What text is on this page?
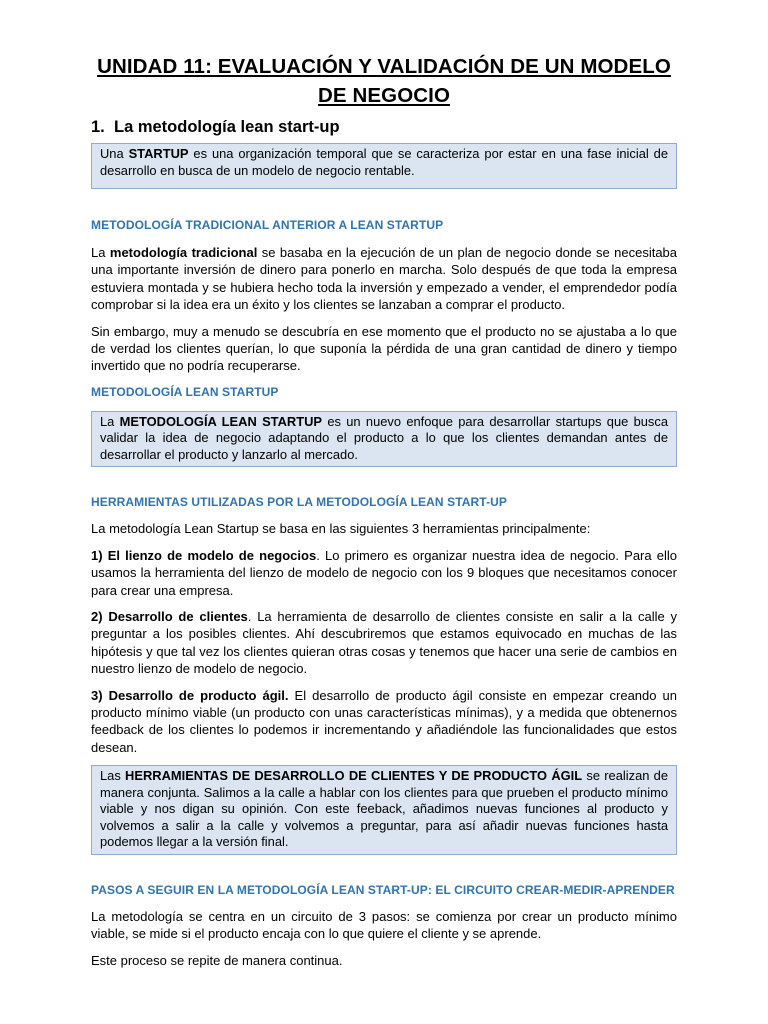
UNIDAD 11: EVALUACIÓN Y VALIDACIÓN DE UN MODELO DE NEGOCIO
1. La metodología lean start-up
Una STARTUP es una organización temporal que se caracteriza por estar en una fase inicial de desarrollo en busca de un modelo de negocio rentable.
METODOLOGÍA TRADICIONAL ANTERIOR A LEAN STARTUP

La metodología tradicional se basaba en la ejecución de un plan de negocio donde se necesitaba una importante inversión de dinero para ponerlo en marcha. Solo después de que toda la empresa estuviera montada y se hubiera hecho toda la inversión y empezado a vender, el emprendedor podía comprobar si la idea era un éxito y los clientes se lanzaban a comprar el producto.

Sin embargo, muy a menudo se descubría en ese momento que el producto no se ajustaba a lo que de verdad los clientes querían, lo que suponía la pérdida de una gran cantidad de dinero y tiempo invertido que no podría recuperarse.

METODOLOGÍA LEAN STARTUP
La METODOLOGÍA LEAN STARTUP es un nuevo enfoque para desarrollar startups que busca validar la idea de negocio adaptando el producto a lo que los clientes demandan antes de desarrollar el producto y lanzarlo al mercado.
HERRAMIENTAS UTILIZADAS POR LA METODOLOGÍA LEAN START-UP

La metodología Lean Startup se basa en las siguientes 3 herramientas principalmente:

1) El lienzo de modelo de negocios. Lo primero es organizar nuestra idea de negocio. Para ello usamos la herramienta del lienzo de modelo de negocio con los 9 bloques que necesitamos conocer para crear una empresa.

2) Desarrollo de clientes. La herramienta de desarrollo de clientes consiste en salir a la calle y preguntar a los posibles clientes. Ahí descubriremos que estamos equivocado en muchas de las hipótesis y que tal vez los clientes quieran otras cosas y tenemos que hacer una serie de cambios en nuestro lienzo de modelo de negocio.

3) Desarrollo de producto ágil. El desarrollo de producto ágil consiste en empezar creando un producto mínimo viable (un producto con unas características mínimas), y a medida que obtenernos feedback de los clientes lo podemos ir incrementando y añadiéndole las funcionalidades que estos desean.

Las HERRAMIENTAS DE DESARROLLO DE CLIENTES Y DE PRODUCTO ÁGIL se realizan de manera conjunta. Salimos a la calle a hablar con los clientes para que prueben el producto mínimo viable y nos digan su opinión. Con este feeback, añadimos nuevas funciones al producto y volvemos a salir a la calle y volvemos a preguntar, para así añadir nuevas funciones hasta podemos llegar a la versión final.
PASOS A SEGUIR EN LA METODOLOGÍA LEAN START-UP: EL CIRCUITO CREAR-MEDIR-APRENDER

La metodología se centra en un circuito de 3 pasos: se comienza por crear un producto mínimo viable, se mide si el producto encaja con lo que quiere el cliente y se aprende.

Este proceso se repite de manera continua.
